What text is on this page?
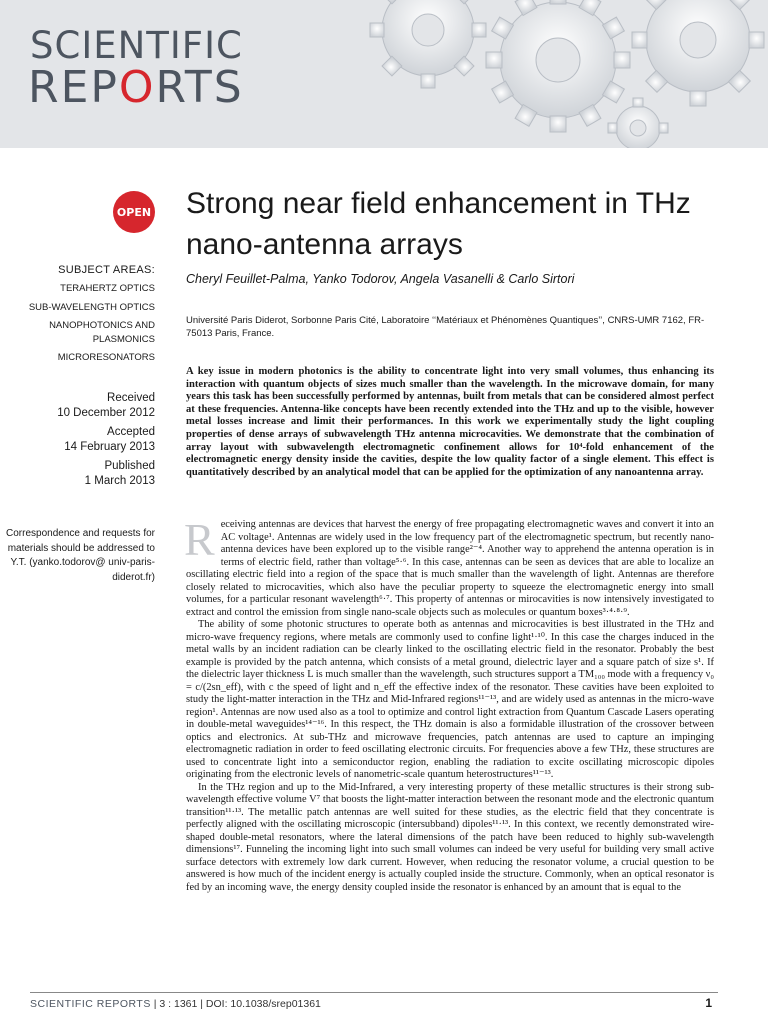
SCIENTIFIC
REPORTS
OPEN
SUBJECT AREAS:
TERAHERTZ OPTICS
SUB-WAVELENGTH OPTICS
NANOPHOTONICS AND PLASMONICS
MICRORESONATORS
Received
10 December 2012
Accepted
14 February 2013
Published
1 March 2013
Correspondence and requests for materials should be addressed to Y.T. (yanko.todorov@ univ-paris-diderot.fr)
Strong near field enhancement in THz nano-antenna arrays
Cheryl Feuillet-Palma, Yanko Todorov, Angela Vasanelli & Carlo Sirtori
Université Paris Diderot, Sorbonne Paris Cité, Laboratoire ‘‘Matériaux et Phénomènes Quantiques’’, CNRS-UMR 7162, FR-75013 Paris, France.

A key issue in modern photonics is the ability to concentrate light into very small volumes, thus enhancing its interaction with quantum objects of sizes much smaller than the wavelength. In the microwave domain, for many years this task has been successfully performed by antennas, built from metals that can be considered almost perfect at these frequencies. Antenna-like concepts have been recently extended into the THz and up to the visible, however metal losses increase and limit their performances. In this work we experimentally study the light coupling properties of dense arrays of subwavelength THz antenna microcavities. We demonstrate that the combination of array layout with subwavelength electromagnetic confinement allows for 10⁴-fold enhancement of the electromagnetic energy density inside the cavities, despite the low quality factor of a single element. This effect is quantitatively described by an analytical model that can be applied for the optimization of any nanoantenna array.

Receiving antennas are devices that harvest the energy of free propagating electromagnetic waves and convert it into an AC voltage¹. Antennas are widely used in the low frequency part of the electromagnetic spectrum, but recently nano-antenna devices have been explored up to the visible range²⁻⁴. Another way to apprehend the antenna operation is in terms of electric field, rather than voltage⁵·⁶. In this case, antennas can be seen as devices that are able to localize an oscillating electric field into a region of the space that is much smaller than the wavelength of light. Antennas are therefore closely related to microcavities, which also have the peculiar property to squeeze the electromagnetic energy into small volumes, for a particular resonant wavelength⁶·⁷. This property of antennas or mirocavities is now intensively investigated to extract and control the emission from single nano-scale objects such as molecules or quantum boxes³·⁴·⁸·⁹.

The ability of some photonic structures to operate both as antennas and microcavities is best illustrated in the THz and micro-wave frequency regions, where metals are commonly used to confine light¹·¹⁰. In this case the charges induced in the metal walls by an incident radiation can be clearly linked to the oscillating electric field in the resonator. Probably the best example is provided by the patch antenna, which consists of a metal ground, dielectric layer and a square patch of size s¹. If the dielectric layer thickness L is much smaller than the wavelength, such structures support a TM₁₀₀ mode with a frequency ν₀ = c/(2sn_eff), with c the speed of light and n_eff the effective index of the resonator. These cavities have been exploited to study the light-matter interaction in the THz and Mid-Infrared regions¹¹⁻¹³, and are widely used as antennas in the micro-wave region¹. Antennas are now used also as a tool to optimize and control light extraction from Quantum Cascade Lasers operating in double-metal waveguides¹⁴⁻¹⁶. In this respect, the THz domain is also a formidable illustration of the crossover between optics and electronics. At sub-THz and microwave frequencies, patch antennas are used to capture an impinging electromagnetic radiation in order to feed oscillating electronic circuits. For frequencies above a few THz, these structures are used to concentrate light into a semiconductor region, enabling the radiation to excite oscillating microscopic dipoles originating from the electronic levels of nanometric-scale quantum heterostructures¹¹⁻¹³.

In the THz region and up to the Mid-Infrared, a very interesting property of these metallic structures is their strong sub-wavelength effective volume V⁷ that boosts the light-matter interaction between the resonant mode and the electronic quantum transition¹¹·¹³. The metallic patch antennas are well suited for these studies, as the electric field that they concentrate is perfectly aligned with the oscillating microscopic (intersubband) dipoles¹¹·¹³. In this context, we recently demonstrated wire-shaped double-metal resonators, where the lateral dimensions of the patch have been reduced to highly sub-wavelength dimensions¹⁷. Funneling the incoming light into such small volumes can indeed be very useful for building very small active surface detectors with extremely low dark current. However, when reducing the resonator volume, a crucial question to be answered is how much of the incident energy is actually coupled inside the structure. Commonly, when an optical resonator is fed by an incoming wave, the energy density coupled inside the resonator is enhanced by an amount that is equal to the

SCIENTIFIC REPORTS | 3 : 1361 | DOI: 10.1038/srep01361	1
